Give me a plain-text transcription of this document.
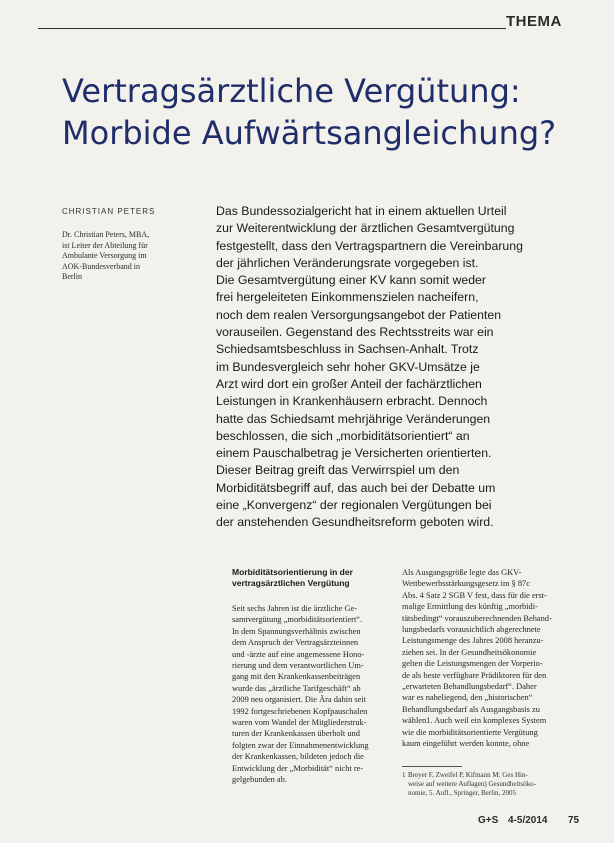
THEMA
Vertragsärztliche Vergütung:
Morbide Aufwärtsangleichung?
CHRISTIAN PETERS
Dr. Christian Peters, MBA,
ist Leiter der Abteilung für
Ambulante Versorgung im
AOK-Bundesverband in
Berlin
Das Bundessozialgericht hat in einem aktuellen Urteil
zur Weiterentwicklung der ärztlichen Gesamtvergütung
festgestellt, dass den Vertragspartnern die Vereinbarung
der jährlichen Veränderungsrate vorgegeben ist.
Die Gesamtvergütung einer KV kann somit weder
frei hergeleiteten Einkommenszielen nacheifern,
noch dem realen Versorgungsangebot der Patienten
vorauseilen. Gegenstand des Rechtsstreits war ein
Schiedsamtsbeschluss in Sachsen-Anhalt. Trotz
im Bundesvergleich sehr hoher GKV-Umsätze je
Arzt wird dort ein großer Anteil der fachärztlichen
Leistungen in Krankenhäusern erbracht. Dennoch
hatte das Schiedsamt mehrjährige Veränderungen
beschlossen, die sich „morbiditätsorientiert“ an
einem Pauschalbetrag je Versicherten orientierten.
Dieser Beitrag greift das Verwirrspiel um den
Morbiditätsbegriff auf, das auch bei der Debatte um
eine „Konvergenz“ der regionalen Vergütungen bei
der anstehenden Gesundheitsreform geboten wird.
Morbiditätsorientierung in der
vertragsärztlichen Vergütung
Seit sechs Jahren ist die ärztliche Ge-
samtvergütung „morbiditätsorientiert“.
In dem Spannungsverhältnis zwischen
dem Anspruch der Vertragsärzteinnen
und -ärzte auf eine angemessene Hono-
rierung und dem verantwortlichen Um-
gang mit den Krankenkassenbeiträgen
wurde das „ärztliche Tarifgeschäft“ ab
2009 neu organisiert. Die Ära dahin seit
1992 fortgeschriebenen Kopfpauschalen
waren vom Wandel der Mitgliederstruk-
turen der Krankenkassen überholt und
folgten zwar der Einnahmenentwicklung
der Krankenkassen, bildeten jedoch die
Entwicklung der „Morbidität“ nicht re-
gelgebunden ab.
Als Ausgangsgröße legte das GKV-
Wettbewerbsstärkungsgesetz im § 87c
Abs. 4 Satz 2 SGB V fest, dass für die erst-
malige Ermittlung des künftig „morbidi-
tätsbedingt“ vorauszuberechnenden Behand-
lungsbedarfs vorausichtlich abgerechnete
Leistungsmenge des Jahres 2008 heranzu-
ziehen sei. In der Gesundheitsökonomie
gelten die Leistungsmengen der Vorperio-
de als beste verfügbare Prädiktoren für den
„erwarteten Behandlungsbedarf“. Daher
war es naheliegend, den „historischen“
Behandlungsbedarf als Ausgangsbasis zu
wählen1. Auch weil ein komplexes System
wie die morbiditätsorientierte Vergütung
kaum eingeführt werden konnte, ohne
1 Breyer F, Zweifel P, Kifmann M: Ges Hin-
weise auf weitere Auflagen) Gesundheitsöko-
nomie, 5. Aufl., Springer, Berlin, 2005
G+S 4-5/2014 75
